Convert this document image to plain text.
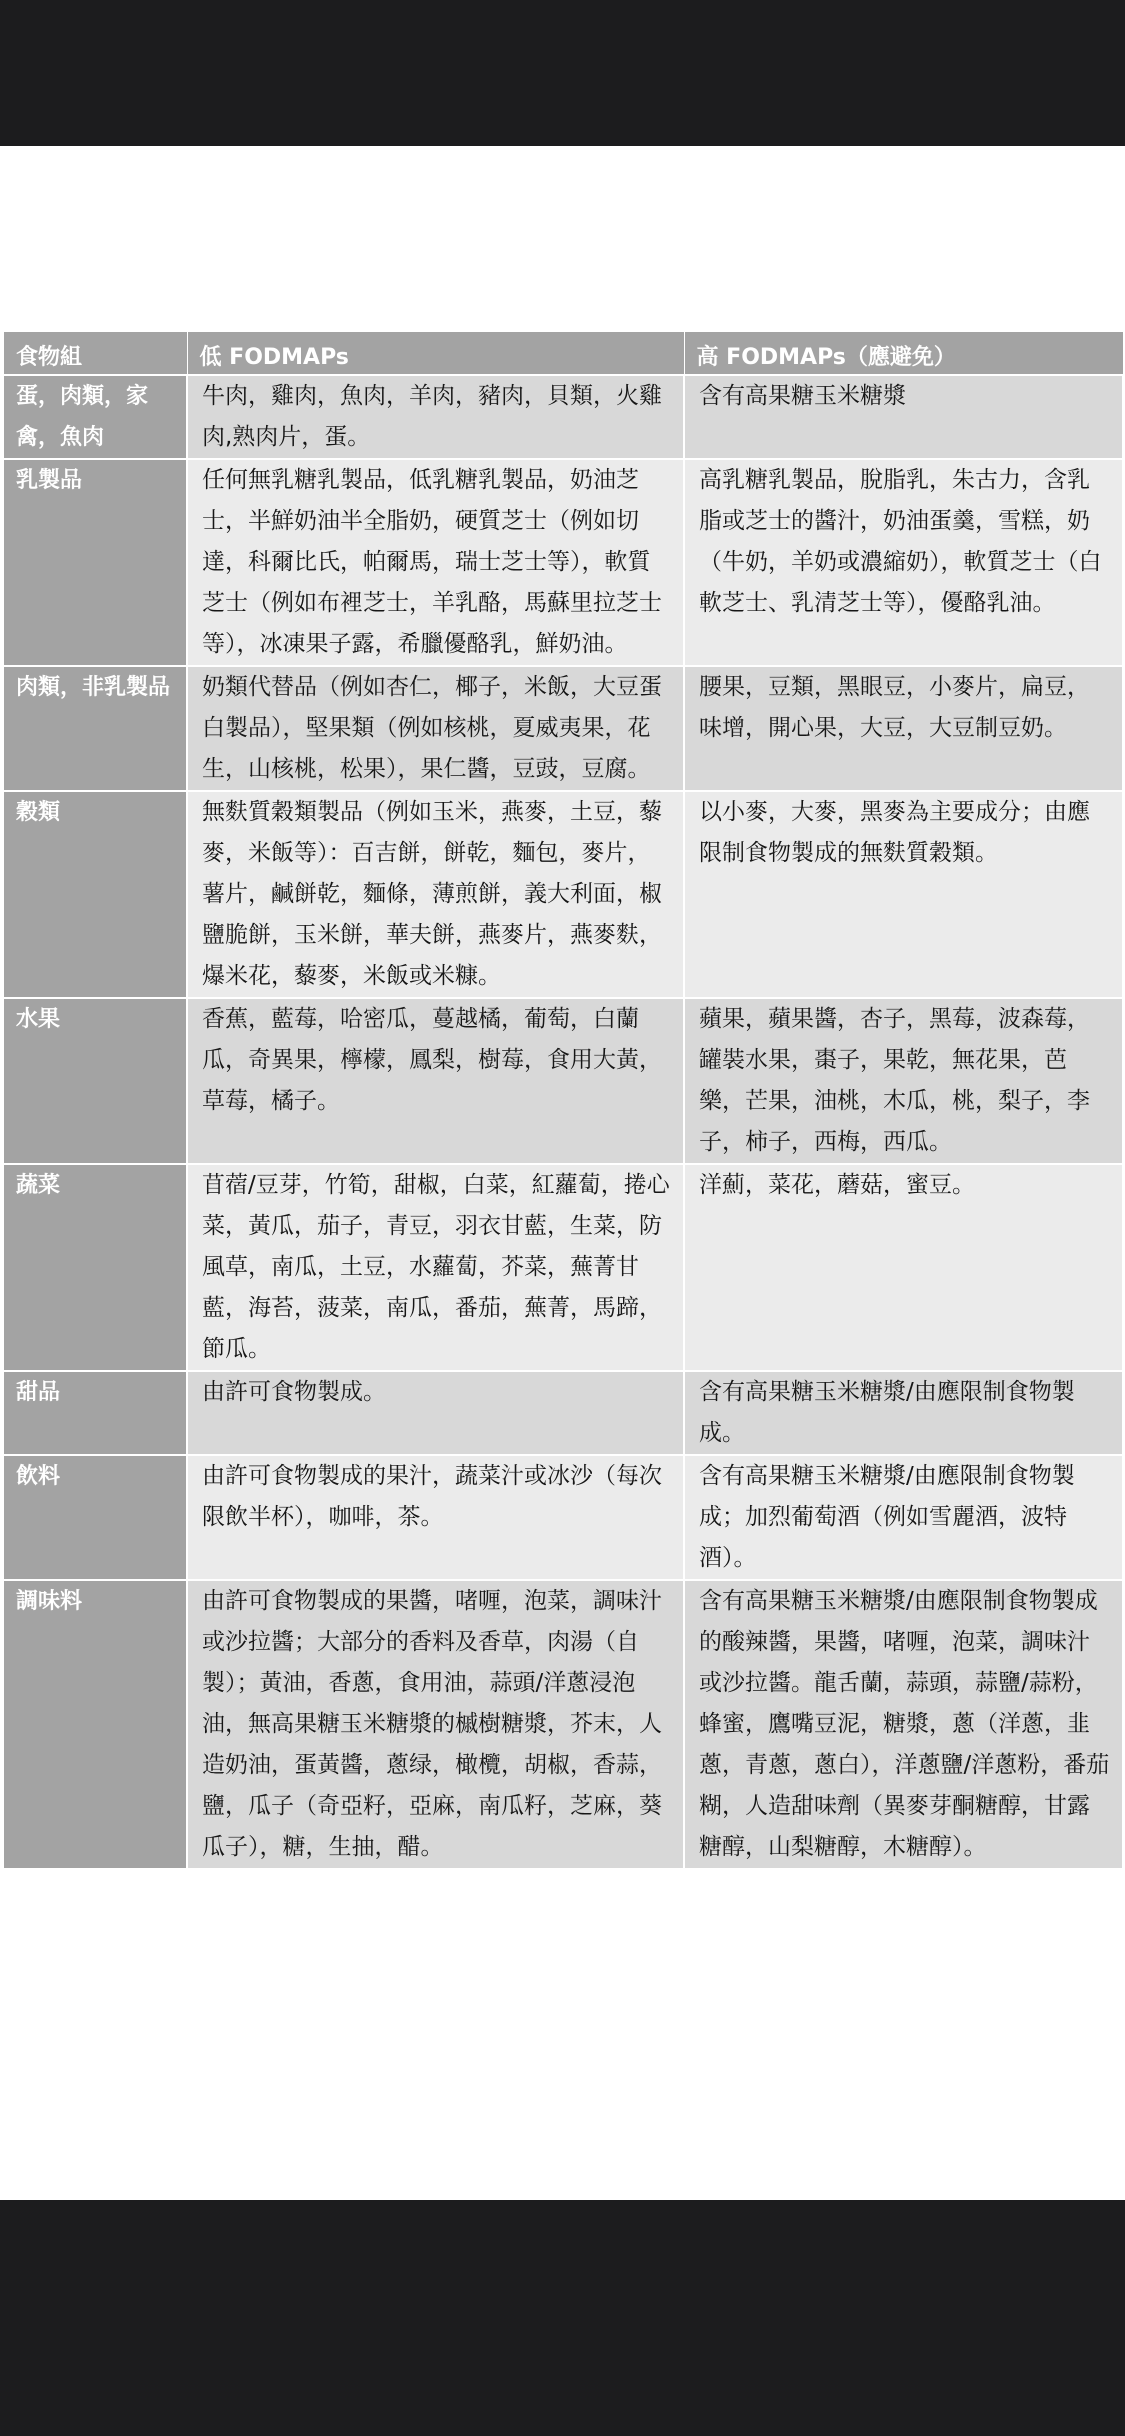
食物組	低 FODMAPs	高 FODMAPs（應避免）
蛋，肉類，家禽，魚肉	牛肉，雞肉，魚肉，羊肉，豬肉，貝類，火雞肉,熟肉片，蛋。	含有高果糖玉米糖漿
乳製品	任何無乳糖乳製品，低乳糖乳製品，奶油芝士，半鮮奶油半全脂奶，硬質芝士（例如切達，科爾比氏，帕爾馬，瑞士芝士等），軟質芝士（例如布裡芝士，羊乳酪，馬蘇里拉芝士等），冰凍果子露，希臘優酪乳，鮮奶油。	高乳糖乳製品，脫脂乳，朱古力，含乳脂或芝士的醬汁，奶油蛋羹，雪糕，奶（牛奶，羊奶或濃縮奶），軟質芝士（白軟芝士、乳清芝士等），優酪乳油。
肉類，非乳製品	奶類代替品（例如杏仁，椰子，米飯，大豆蛋白製品），堅果類（例如核桃，夏威夷果，花生，山核桃，松果），果仁醬，豆豉，豆腐。	腰果，豆類，黑眼豆，小麥片，扁豆，味增，開心果，大豆，大豆制豆奶。
穀類	無麩質穀類製品（例如玉米，燕麥，土豆，藜麥，米飯等）：百吉餅，餅乾，麵包，麥片，薯片，鹹餅乾，麵條，薄煎餅，義大利面，椒鹽脆餅，玉米餅，華夫餅，燕麥片，燕麥麩，爆米花，藜麥，米飯或米糠。	以小麥，大麥，黑麥為主要成分；由應限制食物製成的無麩質穀類。
水果	香蕉，藍莓，哈密瓜，蔓越橘，葡萄，白蘭瓜，奇異果，檸檬，鳳梨，樹莓，食用大黃，草莓，橘子。	蘋果，蘋果醬，杏子，黑莓，波森莓，罐裝水果，棗子，果乾，無花果，芭樂，芒果，油桃，木瓜，桃，梨子，李子，柿子，西梅，西瓜。
蔬菜	苜蓿/豆芽，竹筍，甜椒，白菜，紅蘿蔔，捲心菜，黃瓜，茄子，青豆，羽衣甘藍，生菜，防風草，南瓜，土豆，水蘿蔔，芥菜，蕪菁甘藍，海苔，菠菜，南瓜，番茄，蕪菁，馬蹄，節瓜。	洋薊，菜花，蘑菇，蜜豆。
甜品	由許可食物製成。	含有高果糖玉米糖漿/由應限制食物製成。
飲料	由許可食物製成的果汁，蔬菜汁或冰沙（每次限飲半杯），咖啡，茶。	含有高果糖玉米糖漿/由應限制食物製成；加烈葡萄酒（例如雪麗酒，波特酒）。
調味料	由許可食物製成的果醬，啫喱，泡菜，調味汁或沙拉醬；大部分的香料及香草，肉湯（自製）；黃油，香蔥，食用油，蒜頭/洋蔥浸泡油，無高果糖玉米糖漿的槭樹糖漿，芥末，人造奶油，蛋黃醬，蔥绿，橄欖，胡椒，香蒜，鹽，瓜子（奇亞籽，亞麻，南瓜籽，芝麻，葵瓜子），糖，生抽，醋。	含有高果糖玉米糖漿/由應限制食物製成的酸辣醬，果醬，啫喱，泡菜，調味汁或沙拉醬。龍舌蘭，蒜頭，蒜鹽/蒜粉，蜂蜜，鷹嘴豆泥，糖漿，蔥（洋蔥，韭蔥，青蔥，蔥白），洋蔥鹽/洋蔥粉，番茄糊，人造甜味劑（異麥芽酮糖醇，甘露糖醇，山梨糖醇，木糖醇）。
